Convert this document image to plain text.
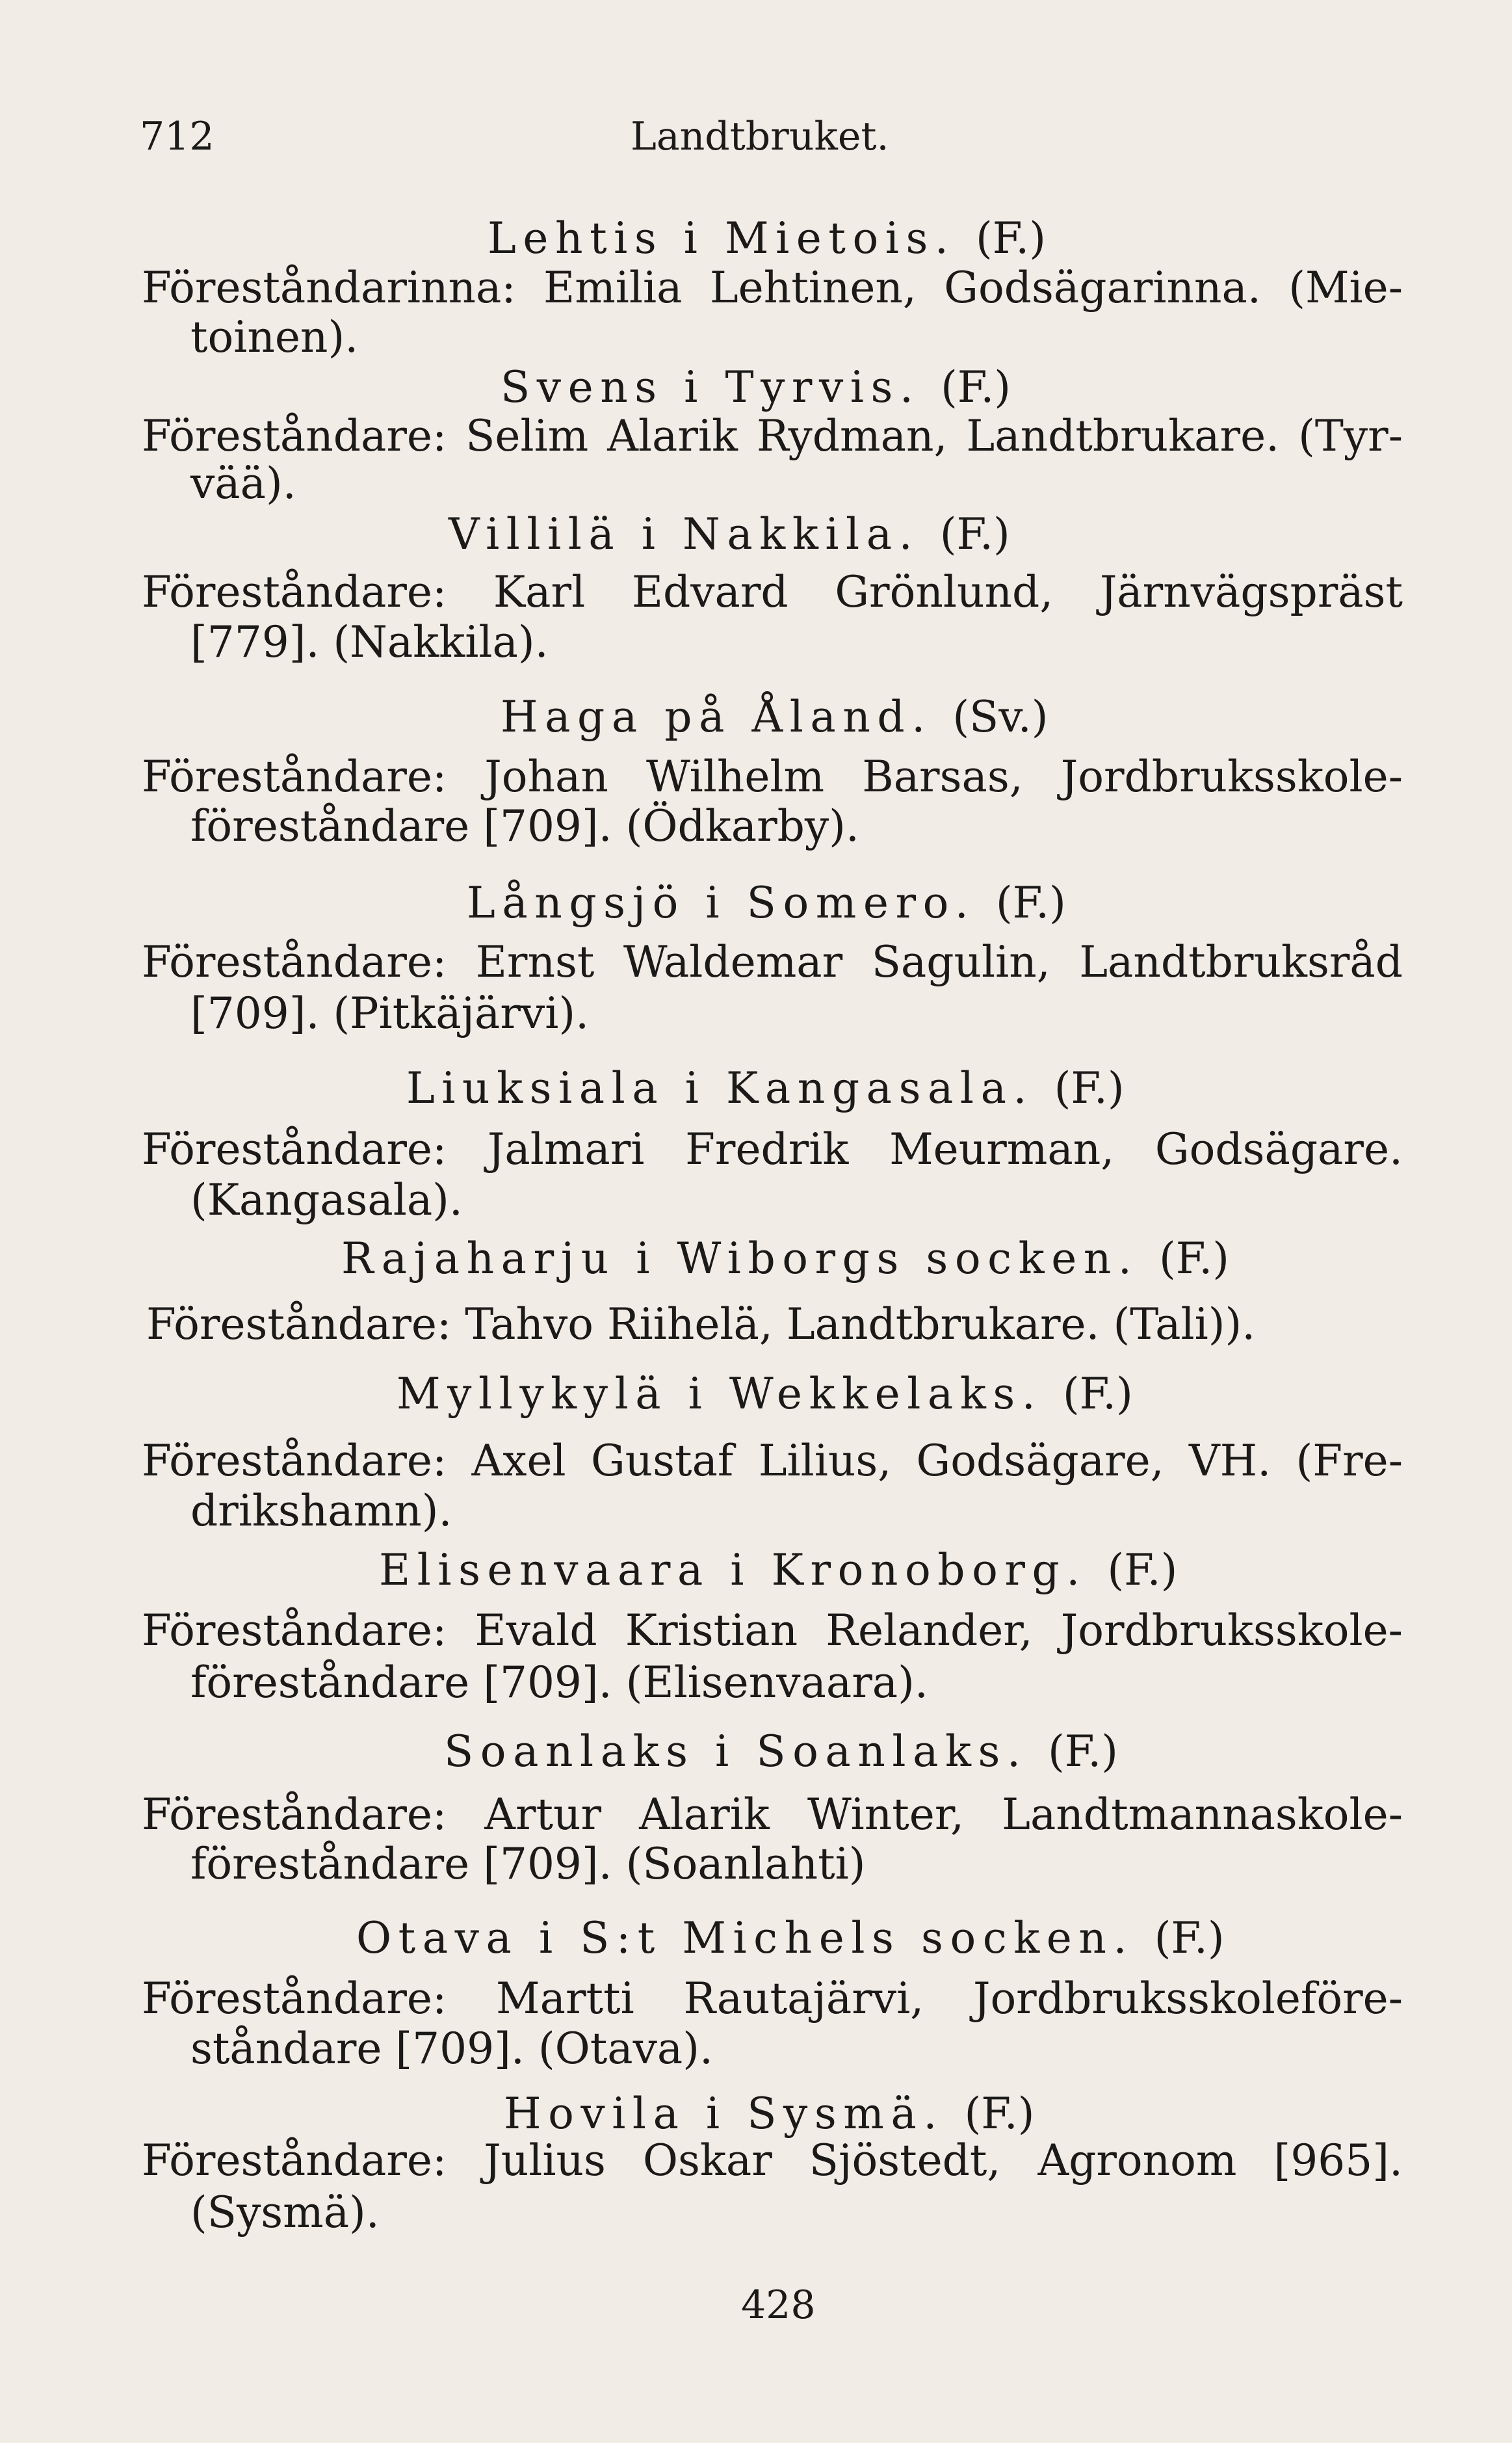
712	Landtbruket.
Lehtis i Mietois. (F.)
Föreståndarinna: Emilia Lehtinen, Godsägarinna. (Mie-
toinen).
Svens i Tyrvis. (F.)
Föreståndare: Selim Alarik Rydman, Landtbrukare. (Tyr-
vää).
Villilä i Nakkila. (F.)
Föreståndare: Karl Edvard Grönlund, Järnvägspräst
[779]. (Nakkila).
Haga på Åland. (Sv.)
Föreståndare: Johan Wilhelm Barsas, Jordbruksskole-
föreståndare [709]. (Ödkarby).
Långsjö i Somero. (F.)
Föreståndare: Ernst Waldemar Sagulin, Landtbruksråd
[709]. (Pitkäjärvi).
Liuksiala i Kangasala. (F.)
Föreståndare: Jalmari Fredrik Meurman, Godsägare.
(Kangasala).
Rajaharju i Wiborgs socken. (F.)
Föreståndare: Tahvo Riihelä, Landtbrukare. (Tali)).
Myllykylä i Wekkelaks. (F.)
Föreståndare: Axel Gustaf Lilius, Godsägare, VH. (Fre-
drikshamn).
Elisenvaara i Kronoborg. (F.)
Föreståndare: Evald Kristian Relander, Jordbruksskole-
föreståndare [709]. (Elisenvaara).
Soanlaks i Soanlaks. (F.)
Föreståndare: Artur Alarik Winter, Landtmannaskole-
föreståndare [709]. (Soanlahti)
Otava i S:t Michels socken. (F.)
Föreståndare: Martti Rautajärvi, Jordbruksskoleföre-
ståndare [709]. (Otava).
Hovila i Sysmä. (F.)
Föreståndare: Julius Oskar Sjöstedt, Agronom [965].
(Sysmä).
428
